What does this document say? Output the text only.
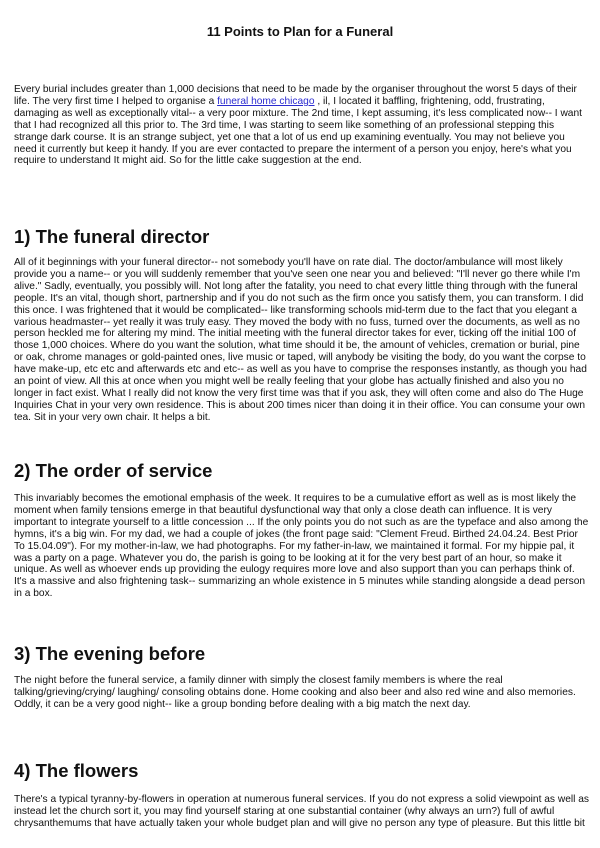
11 Points to Plan for a Funeral

Every burial includes greater than 1,000 decisions that need to be made by the organiser throughout the worst 5 days of their life. The very first time I helped to organise a funeral home chicago , il, I located it baffling, frightening, odd, frustrating, damaging as well as exceptionally vital-- a very poor mixture. The 2nd time, I kept assuming, it's less complicated now-- I want that I had recognized all this prior to. The 3rd time, I was starting to seem like something of an professional stepping this strange dark course. It is an strange subject, yet one that a lot of us end up examining eventually. You may not believe you need it currently but keep it handy. If you are ever contacted to prepare the interment of a person you enjoy, here's what you require to understand It might aid. So for the little cake suggestion at the end.

1) The funeral director

All of it beginnings with your funeral director-- not somebody you'll have on rate dial. The doctor/ambulance will most likely provide you a name-- or you will suddenly remember that you've seen one near you and believed: "I'll never go there while I'm alive." Sadly, eventually, you possibly will. Not long after the fatality, you need to chat every little thing through with the funeral people. It's an vital, though short, partnership and if you do not such as the firm once you satisfy them, you can transform. I did this once. I was frightened that it would be complicated-- like transforming schools mid-term due to the fact that you elegant a various headmaster-- yet really it was truly easy. They moved the body with no fuss, turned over the documents, as well as no person heckled me for altering my mind. The initial meeting with the funeral director takes for ever, ticking off the initial 100 of those 1,000 choices. Where do you want the solution, what time should it be, the amount of vehicles, cremation or burial, pine or oak, chrome manages or gold-painted ones, live music or taped, will anybody be visiting the body, do you want the corpse to have make-up, etc etc and afterwards etc and etc-- as well as you have to comprise the responses instantly, as though you had an point of view. All this at once when you might well be really feeling that your globe has actually finished and also you no longer in fact exist. What I really did not know the very first time was that if you ask, they will often come and also do The Huge Inquiries Chat in your very own residence. This is about 200 times nicer than doing it in their office. You can consume your own tea. Sit in your very own chair. It helps a bit.

2) The order of service

This invariably becomes the emotional emphasis of the week. It requires to be a cumulative effort as well as is most likely the moment when family tensions emerge in that beautiful dysfunctional way that only a close death can influence. It is very important to integrate yourself to a little concession ... If the only points you do not such as are the typeface and also among the hymns, it's a big win. For my dad, we had a couple of jokes (the front page said: "Clement Freud. Birthed 24.04.24. Best Prior To 15.04.09"). For my mother-in-law, we had photographs. For my father-in-law, we maintained it formal. For my hippie pal, it was a party on a page. Whatever you do, the parish is going to be looking at it for the very best part of an hour, so make it unique. As well as whoever ends up providing the eulogy requires more love and also support than you can perhaps think of. It's a massive and also frightening task-- summarizing an whole existence in 5 minutes while standing alongside a dead person in a box.

3) The evening before

The night before the funeral service, a family dinner with simply the closest family members is where the real talking/grieving/crying/ laughing/ consoling obtains done. Home cooking and also beer and also red wine and also memories. Oddly, it can be a very good night-- like a group bonding before dealing with a big match the next day.

4) The flowers

There's a typical tyranny-by-flowers in operation at numerous funeral services. If you do not express a solid viewpoint as well as instead let the church sort it, you may find yourself staring at one substantial container (why always an urn?) full of awful chrysanthemums that have actually taken your whole budget plan and will give no person any type of pleasure. But this little bit
